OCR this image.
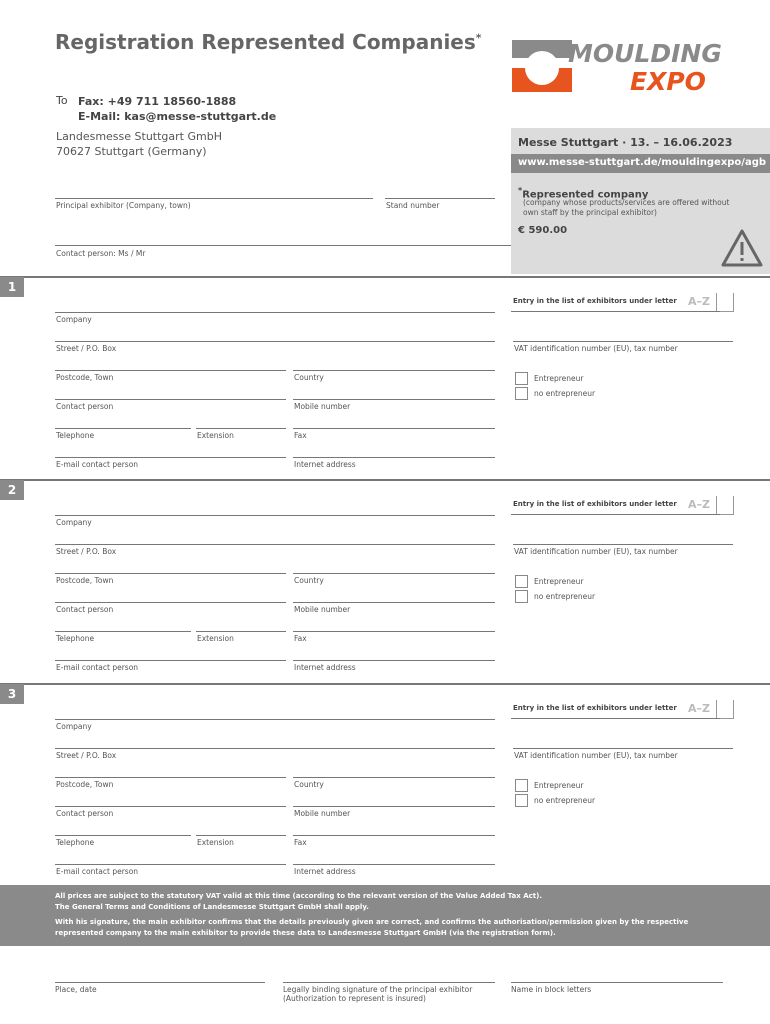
Registration Represented Companies*
MOULDING
EXPO
To Fax: +49 711 18560-1888
E-Mail: kas@messe-stuttgart.de
Landesmesse Stuttgart GmbH
70627 Stuttgart (Germany)
Messe Stuttgart · 13. – 16.06.2023
www.messe-stuttgart.de/mouldingexpo/agb
*Represented company
(company whose products/services are offered without own staff by the principal exhibitor)
€ 590.00
Principal exhibitor (Company, town)	Stand number
Contact person: Ms / Mr
1
Entry in the list of exhibitors under letter A–Z
Company
Street / P.O. Box	VAT identification number (EU), tax number
Postcode, Town	Country
Contact person	Mobile number
Telephone	Extension	Fax
E-mail contact person	Internet address
Entrepreneur
no entrepreneur
2
Entry in the list of exhibitors under letter A–Z
Company
Street / P.O. Box	VAT identification number (EU), tax number
Postcode, Town	Country
Contact person	Mobile number
Telephone	Extension	Fax
E-mail contact person	Internet address
Entrepreneur
no entrepreneur
3
Entry in the list of exhibitors under letter A–Z
Company
Street / P.O. Box	VAT identification number (EU), tax number
Postcode, Town	Country
Contact person	Mobile number
Telephone	Extension	Fax
E-mail contact person	Internet address
Entrepreneur
no entrepreneur
All prices are subject to the statutory VAT valid at this time (according to the relevant version of the Value Added Tax Act).
The General Terms and Conditions of Landesmesse Stuttgart GmbH shall apply.
With his signature, the main exhibitor confirms that the details previously given are correct, and confirms the authorisation/permission given by the respective represented company to the main exhibitor to provide these data to Landesmesse Stuttgart GmbH (via the registration form).
Place, date	Legally binding signature of the principal exhibitor
(Authorization to represent is insured)
Name in block letters
